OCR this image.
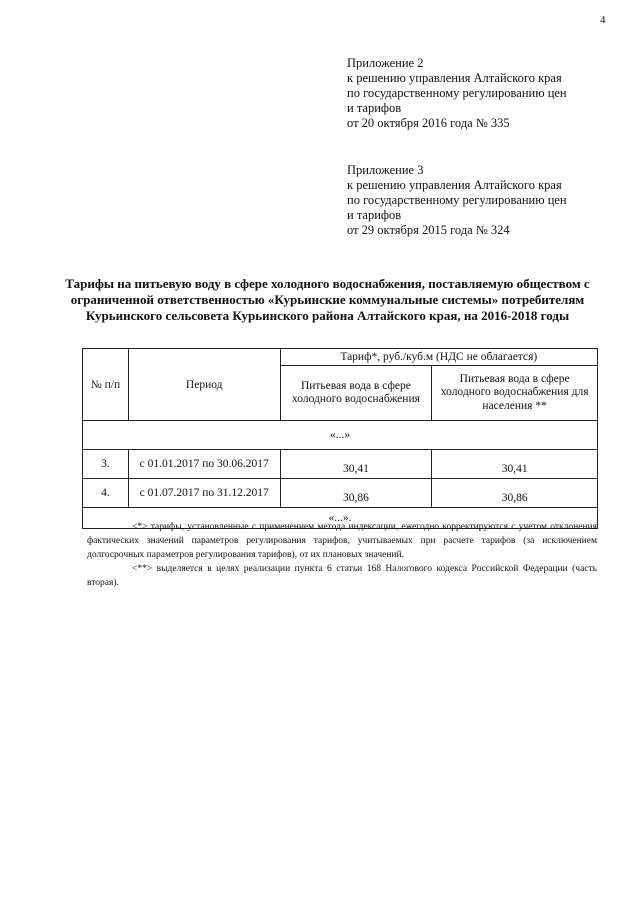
4
Приложение 2
к решению управления Алтайского края
по государственному регулированию цен
и тарифов
от 20 октября 2016 года № 335
Приложение 3
к решению управления Алтайского края
по государственному регулированию цен
и тарифов
от 29 октября 2015 года № 324
Тарифы на питьевую воду в сфере холодного водоснабжения, поставляемую обществом с ограниченной ответственностью «Курьинские коммунальные системы» потребителям Курьинского сельсовета Курьинского района Алтайского края, на 2016-2018 годы
№ п/п	Период	Тариф*, руб./куб.м (НДС не облагается)	
		Питьевая вода в сфере холодного водоснабжения	Питьевая вода в сфере холодного водоснабжения для населения **
«...»			
3.	с 01.01.2017 по 30.06.2017	30,41	30,41
4.	с 01.07.2017 по 31.12.2017	30,86	30,86
«...».			

<*> тарифы, установленные с применением метода индексации, ежегодно корректируются с учетом отклонения фактических значений параметров регулирования тарифов, учитываемых при расчете тарифов (за исключением долгосрочных параметров регулирования тарифов), от их плановых значений.

<**> выделяется в целях реализации пункта 6 статьи 168 Налогового кодекса Российской Федерации (часть вторая).
